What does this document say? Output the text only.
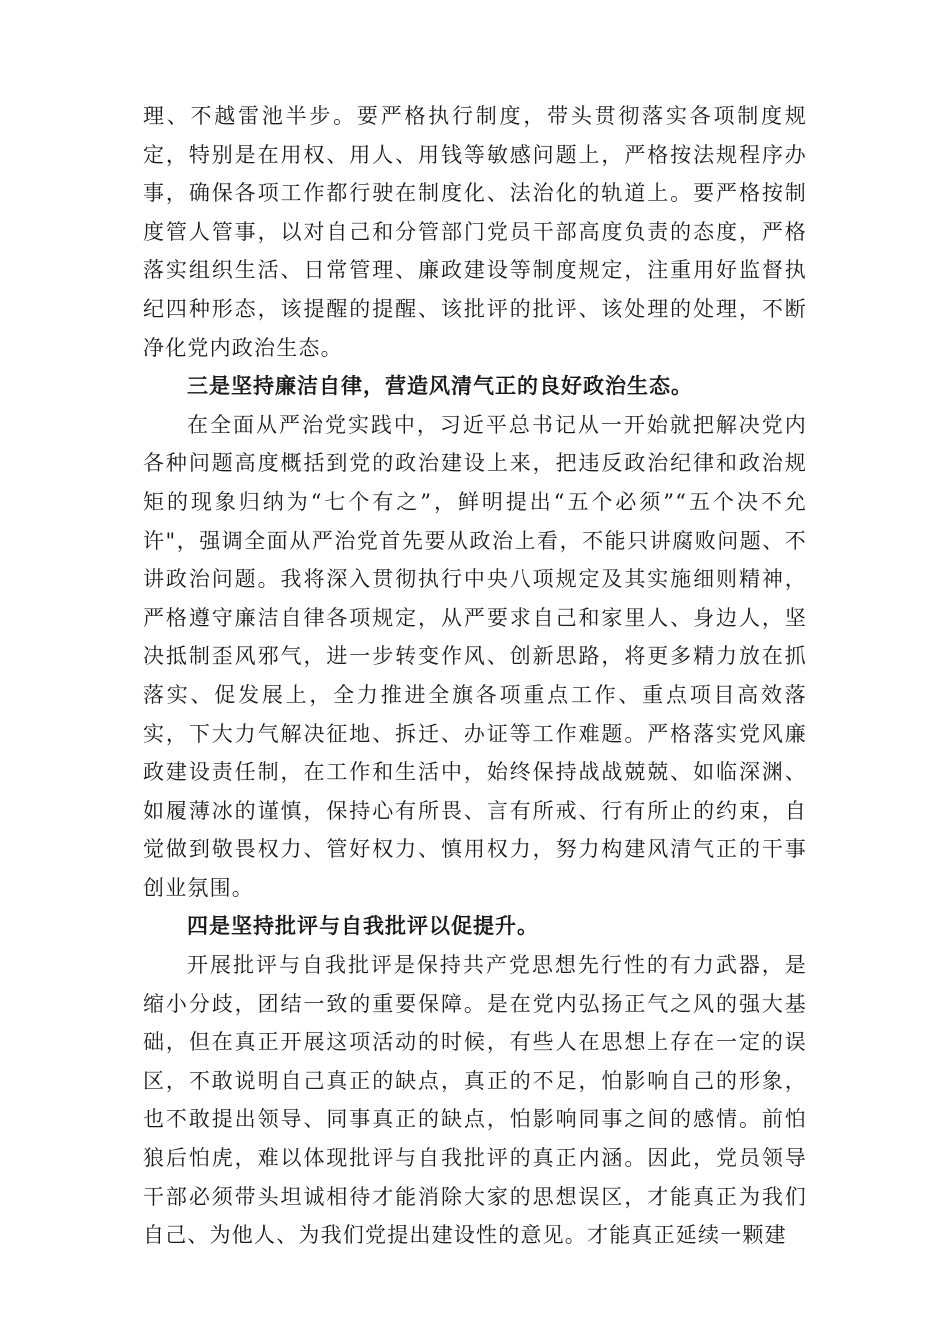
理、不越雷池半步。要严格执行制度，带头贯彻落实各项制度规定，特别是在用权、用人、用钱等敏感问题上，严格按法规程序办事，确保各项工作都行驶在制度化、法治化的轨道上。要严格按制度管人管事，以对自己和分管部门党员干部高度负责的态度，严格落实组织生活、日常管理、廉政建设等制度规定，注重用好监督执纪四种形态，该提醒的提醒、该批评的批评、该处理的处理，不断净化党内政治生态。

三是坚持廉洁自律，营造风清气正的良好政治生态。

在全面从严治党实践中，习近平总书记从一开始就把解决党内各种问题高度概括到党的政治建设上来，把违反政治纪律和政治规矩的现象归纳为“七个有之”，鲜明提出“五个必须”“五个决不允许"，强调全面从严治党首先要从政治上看，不能只讲腐败问题、不讲政治问题。我将深入贯彻执行中央八项规定及其实施细则精神，严格遵守廉洁自律各项规定，从严要求自己和家里人、身边人，坚决抵制歪风邪气，进一步转变作风、创新思路，将更多精力放在抓落实、促发展上，全力推进全旗各项重点工作、重点项目高效落实，下大力气解决征地、拆迁、办证等工作难题。严格落实党风廉政建设责任制，在工作和生活中，始终保持战战兢兢、如临深渊、如履薄冰的谨慎，保持心有所畏、言有所戒、行有所止的约束，自觉做到敬畏权力、管好权力、慎用权力，努力构建风清气正的干事创业氛围。

四是坚持批评与自我批评以促提升。

开展批评与自我批评是保持共产党思想先行性的有力武器，是缩小分歧，团结一致的重要保障。是在党内弘扬正气之风的强大基础，但在真正开展这项活动的时候，有些人在思想上存在一定的误区，不敢说明自己真正的缺点，真正的不足，怕影响自己的形象，也不敢提出领导、同事真正的缺点，怕影响同事之间的感情。前怕狼后怕虎，难以体现批评与自我批评的真正内涵。因此，党员领导干部必须带头坦诚相待才能消除大家的思想误区，才能真正为我们自己、为他人、为我们党提出建设性的意见。才能真正延续一颗建
